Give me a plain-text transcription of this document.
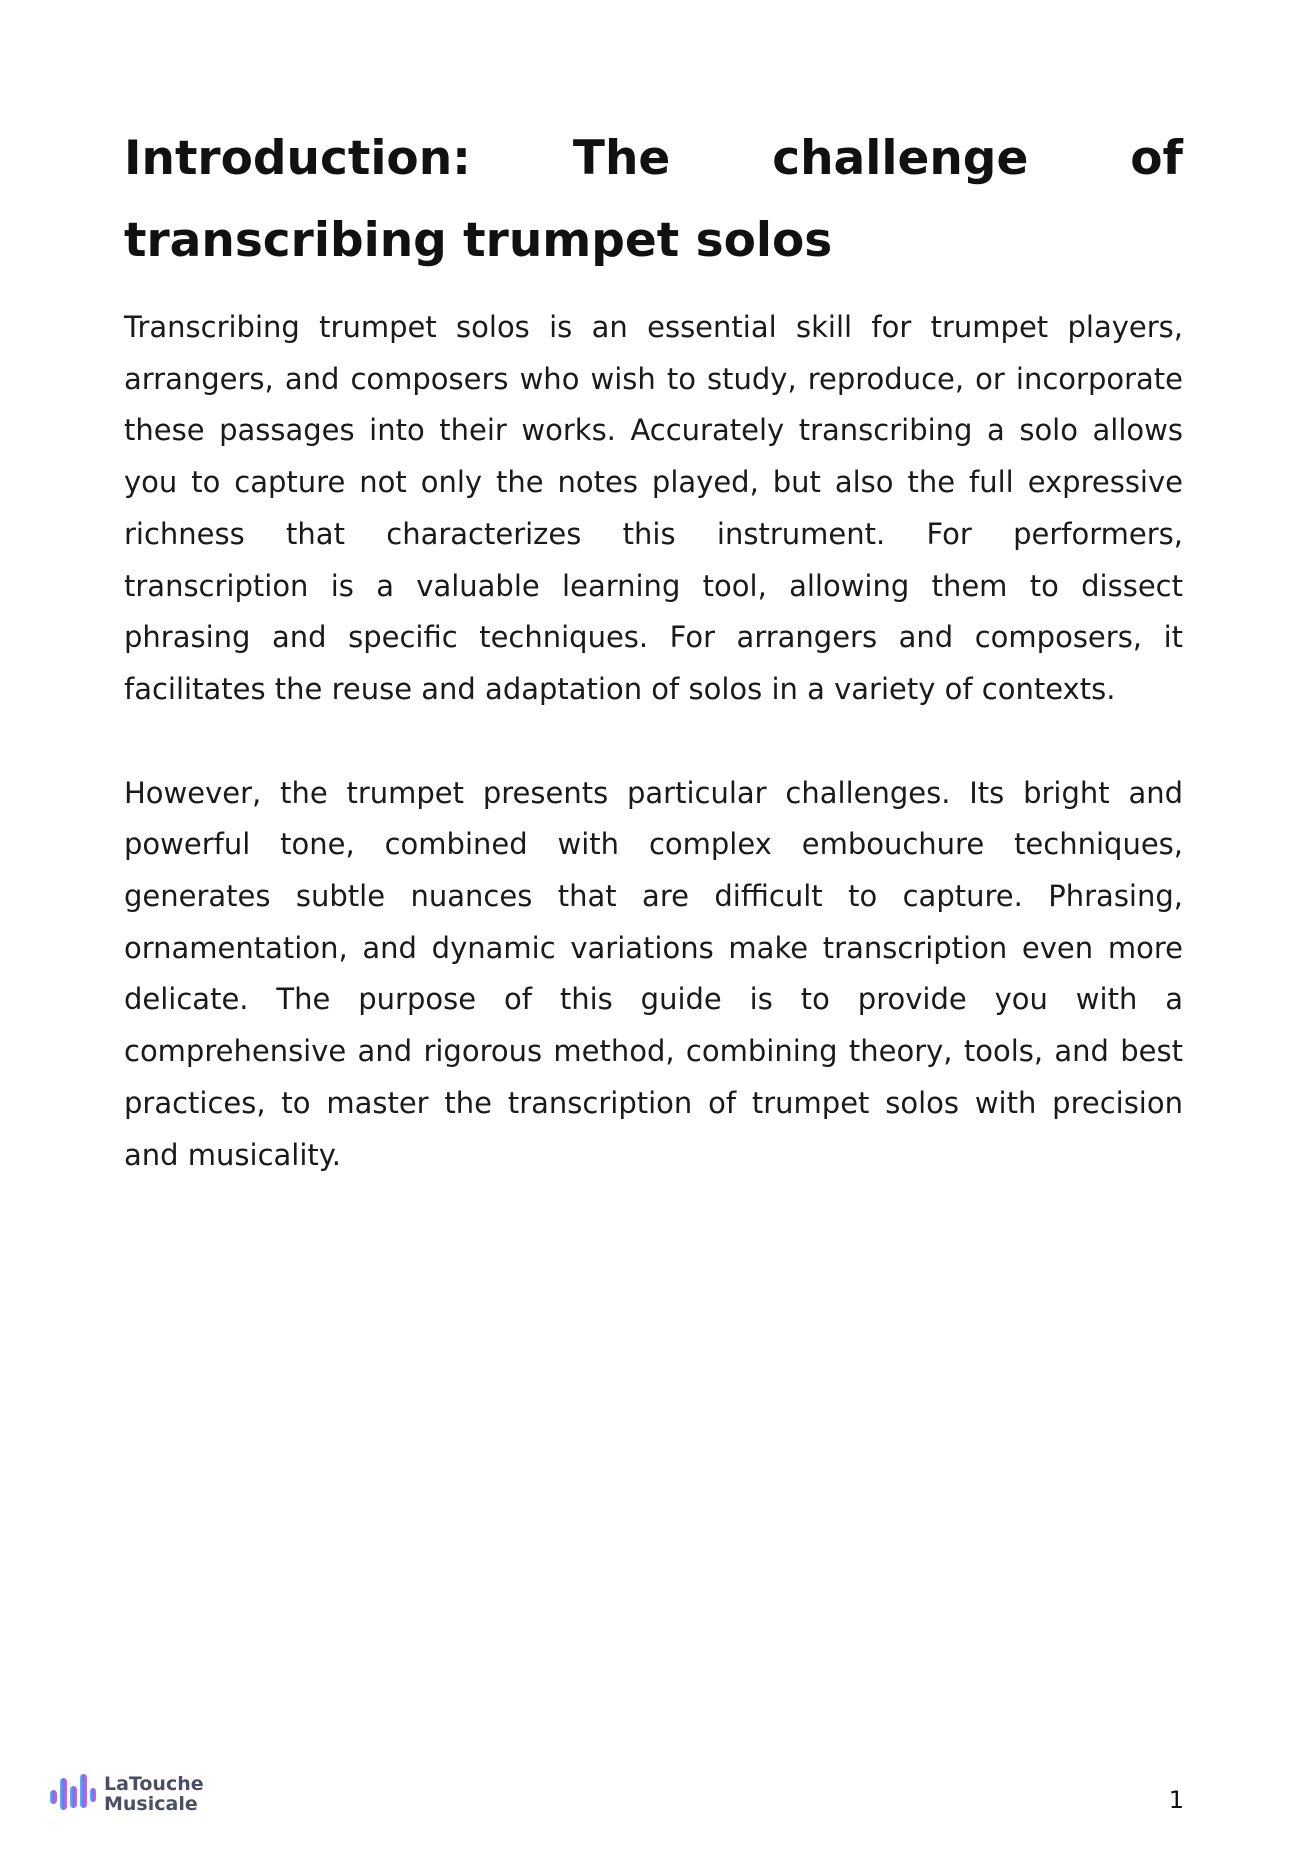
Introduction: The challenge of transcribing trumpet solos

Transcribing trumpet solos is an essential skill for trumpet players, arrangers, and composers who wish to study, reproduce, or incorporate these passages into their works. Accurately transcribing a solo allows you to capture not only the notes played, but also the full expressive richness that characterizes this instrument. For performers, transcription is a valuable learning tool, allowing them to dissect phrasing and specific techniques. For arrangers and composers, it facilitates the reuse and adaptation of solos in a variety of contexts.

However, the trumpet presents particular challenges. Its bright and powerful tone, combined with complex embouchure techniques, generates subtle nuances that are difficult to capture. Phrasing, ornamentation, and dynamic variations make transcription even more delicate. The purpose of this guide is to provide you with a comprehensive and rigorous method, combining theory, tools, and best practices, to master the transcription of trumpet solos with precision and musicality.

LaTouche
Musicale	1
